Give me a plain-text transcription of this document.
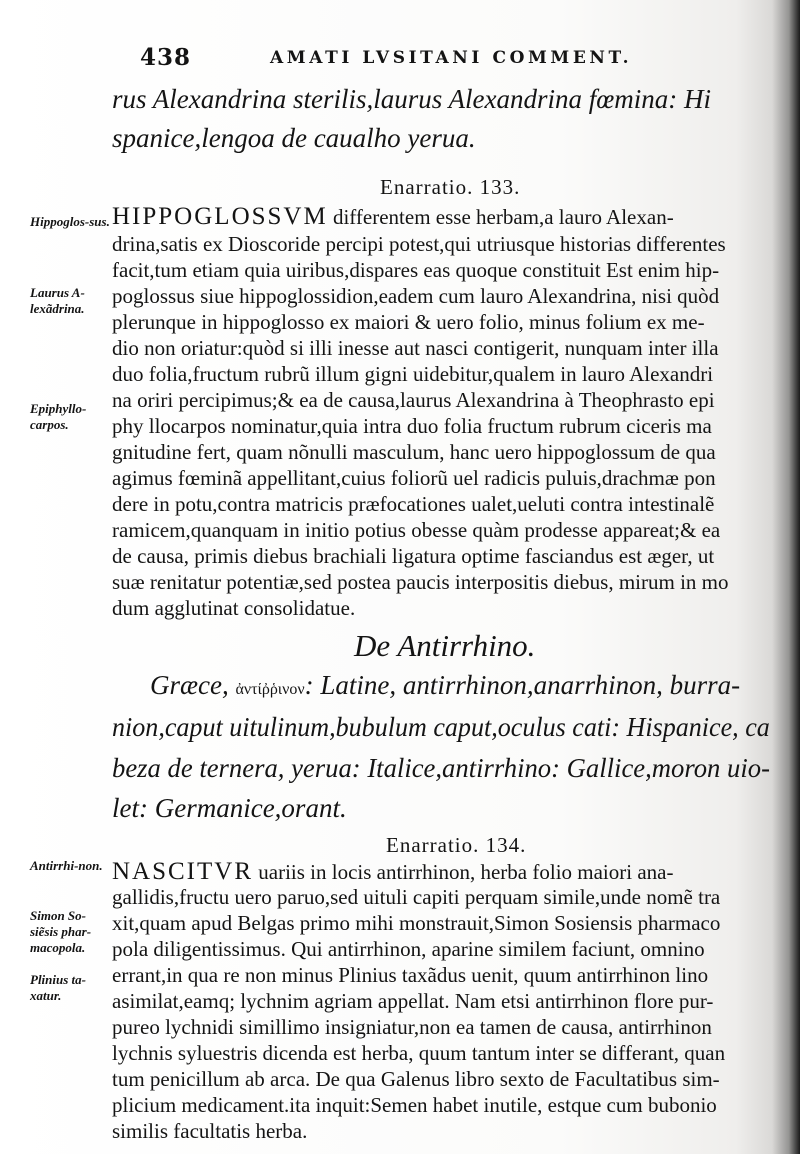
438	AMATI LVSITANI COMMENT.
rus Alexandrina sterilis,laurus Alexandrina fœmina: Hi
spanice,lengoa de caualho yerua.
Enarratio. 133.
HIPPOGLOSSVM differentem esse herbam,a lauro Alexan-
drina,satis ex Dioscoride percipi potest,qui utriusque historias differentes
facit,tum etiam quia uiribus,dispares eas quoque constituit Est enim hip-
poglossus siue hippoglossidion,eadem cum lauro Alexandrina, nisi quòd
plerunque in hippoglosso ex maiori & uero folio, minus folium ex me-
dio non oriatur:quòd si illi inesse aut nasci contigerit, nunquam inter illa
duo folia,fructum rubrũ illum gigni uidebitur,qualem in lauro Alexandri
na oriri percipimus;& ea de causa,laurus Alexandrina à Theophrasto epi
phy llocarpos nominatur,quia intra duo folia fructum rubrum ciceris ma
gnitudine fert, quam nõnulli masculum, hanc uero hippoglossum de qua
agimus fœminã appellitant,cuius foliorũ uel radicis puluis,drachmæ pon
dere in potu,contra matricis præfocationes ualet,ueluti contra intestinalẽ
ramicem,quanquam in initio potius obesse quàm prodesse appareat;& ea
de causa, primis diebus brachiali ligatura optime fasciandus est æger, ut
suæ renitatur potentiæ,sed postea paucis interpositis diebus, mirum in mo
dum agglutinat consolidatue.
Hippoglos-sus.
Laurus A-lexãdrina.
Epiphyllo-carpos.
De Antirrhino.
Græce, ἀντίῤῥινον: Latine, antirrhinon,anarrhinon, burra-
nion,caput uitulinum,bubulum caput,oculus cati: Hispanice, ca
beza de ternera, yerua: Italice,antirrhino: Gallice,moron uio-
let: Germanice,orant.
Enarratio. 134.
NASCITVR uariis in locis antirrhinon, herba folio maiori ana-
gallidis,fructu uero paruo,sed uituli capiti perquam simile,unde nomẽ tra
xit,quam apud Belgas primo mihi monstrauit,Simon Sosiensis pharmaco
pola diligentissimus. Qui antirrhinon, aparine similem faciunt, omnino
errant,in qua re non minus Plinius taxãdus uenit, quum antirrhinon lino
asimilat,eamq; lychnim agriam appellat. Nam etsi antirrhinon flore pur-
pureo lychnidi simillimo insigniatur,non ea tamen de causa, antirrhinon
lychnis syluestris dicenda est herba, quum tantum inter se differant, quan
tum penicillum ab arca. De qua Galenus libro sexto de Facultatibus sim-
plicium medicament.ita inquit:Semen habet inutile, estque cum bubonio
similis facultatis herba.
Antirrhi-non.
Simon So-siẽsis phar-macopola.
Plinius ta-xatur.
